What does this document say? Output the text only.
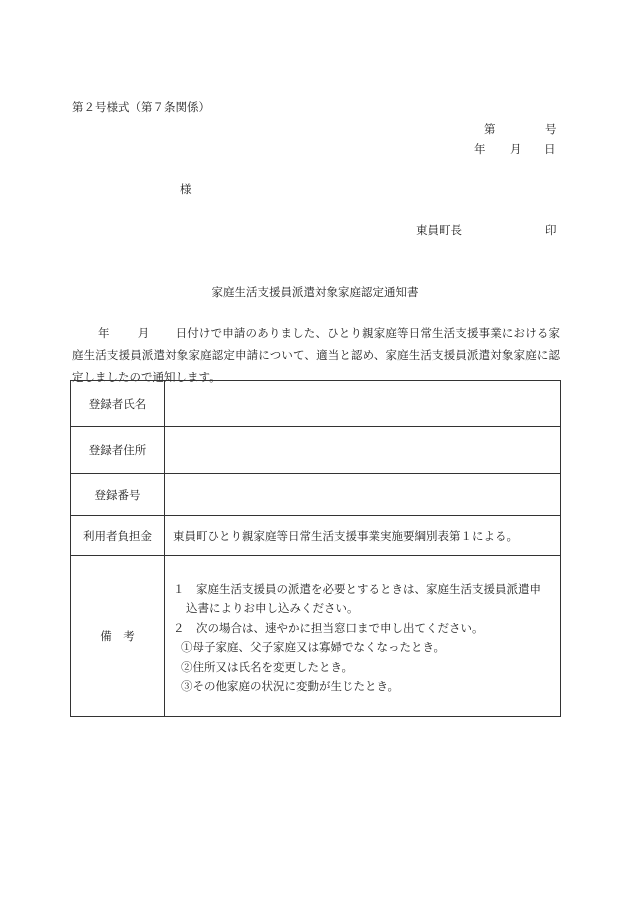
第２号様式（第７条関係）
第	号
年 月 日
様
東員町長	印
家庭生活支援員派遣対象家庭認定通知書
年 月 日付けで申請のありました、ひとり親家庭等日常生活支援事業における家庭生活支援員派遣対象家庭認定申請について、適当と認め、家庭生活支援員派遣対象家庭に認定しましたので通知します。
登録者氏名	
登録者住所	
登録番号	
利用者負担金	東員町ひとり親家庭等日常生活支援事業実施要綱別表第１による。
備　考	１　家庭生活支援員の派遣を必要とするときは、家庭生活支援員派遣申込書によりお申し込みください。
２　次の場合は、速やかに担当窓口まで申し出てください。
①母子家庭、父子家庭又は寡婦でなくなったとき。
②住所又は氏名を変更したとき。
③その他家庭の状況に変動が生じたとき。
